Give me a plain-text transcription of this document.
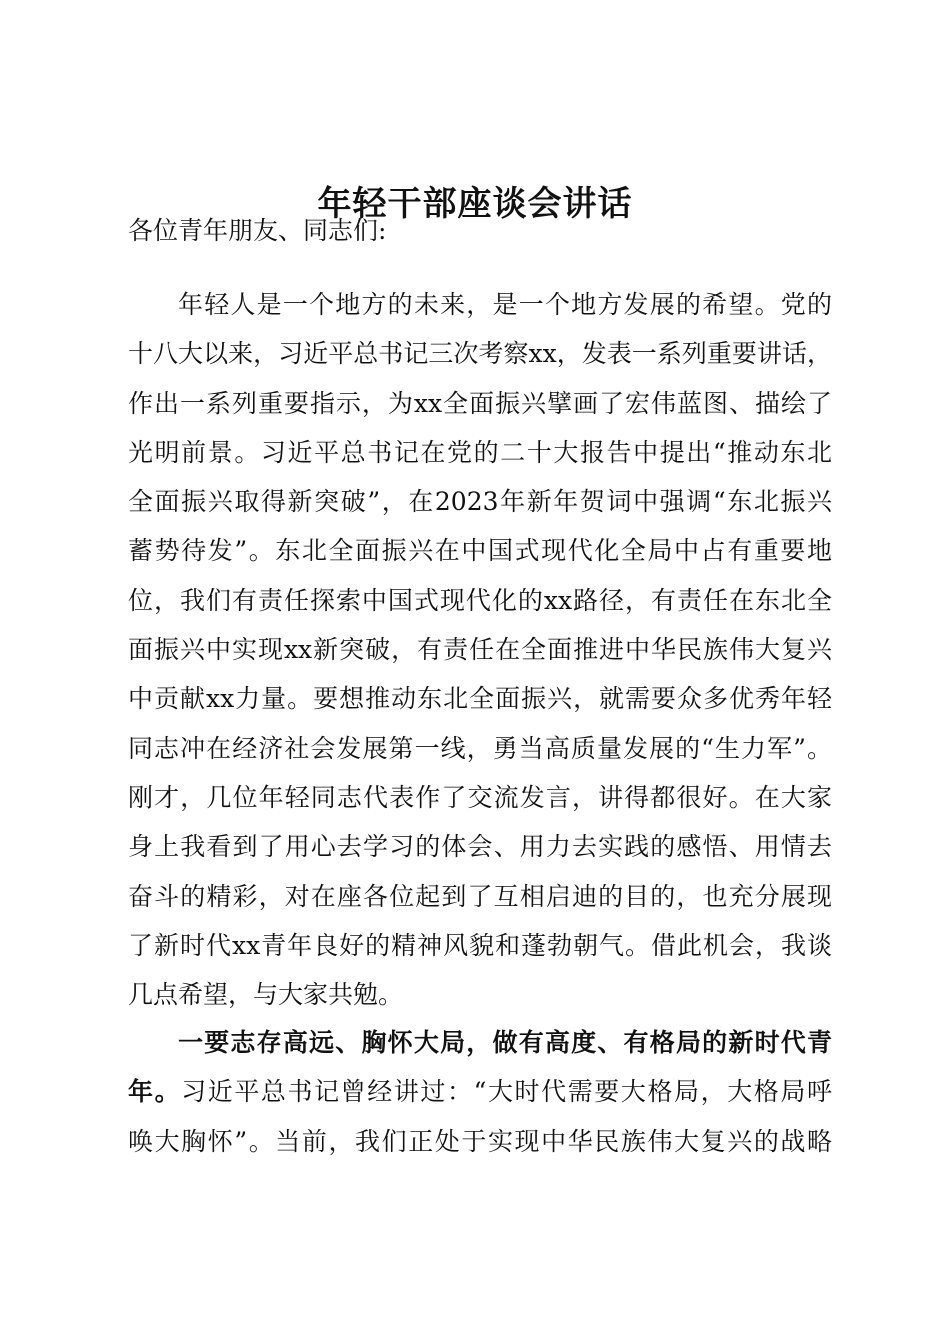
年轻干部座谈会讲话

各位青年朋友、同志们:

年轻人是一个地方的未来，是一个地方发展的希望。党的
十八大以来，习近平总书记三次考察xx，发表一系列重要讲话，
作出一系列重要指示，为xx全面振兴擘画了宏伟蓝图、描绘了
光明前景。习近平总书记在党的二十大报告中提出“推动东北
全面振兴取得新突破”，在2023年新年贺词中强调“东北振兴
蓄势待发”。东北全面振兴在中国式现代化全局中占有重要地
位，我们有责任探索中国式现代化的xx路径，有责任在东北全
面振兴中实现xx新突破，有责任在全面推进中华民族伟大复兴
中贡献xx力量。要想推动东北全面振兴，就需要众多优秀年轻
同志冲在经济社会发展第一线，勇当高质量发展的“生力军”。
刚才，几位年轻同志代表作了交流发言，讲得都很好。在大家
身上我看到了用心去学习的体会、用力去实践的感悟、用情去
奋斗的精彩，对在座各位起到了互相启迪的目的，也充分展现
了新时代xx青年良好的精神风貌和蓬勃朝气。借此机会，我谈
几点希望，与大家共勉。
一要志存高远、胸怀大局，做有高度、有格局的新时代青
年。习近平总书记曾经讲过：“大时代需要大格局，大格局呼
唤大胸怀”。当前，我们正处于实现中华民族伟大复兴的战略
